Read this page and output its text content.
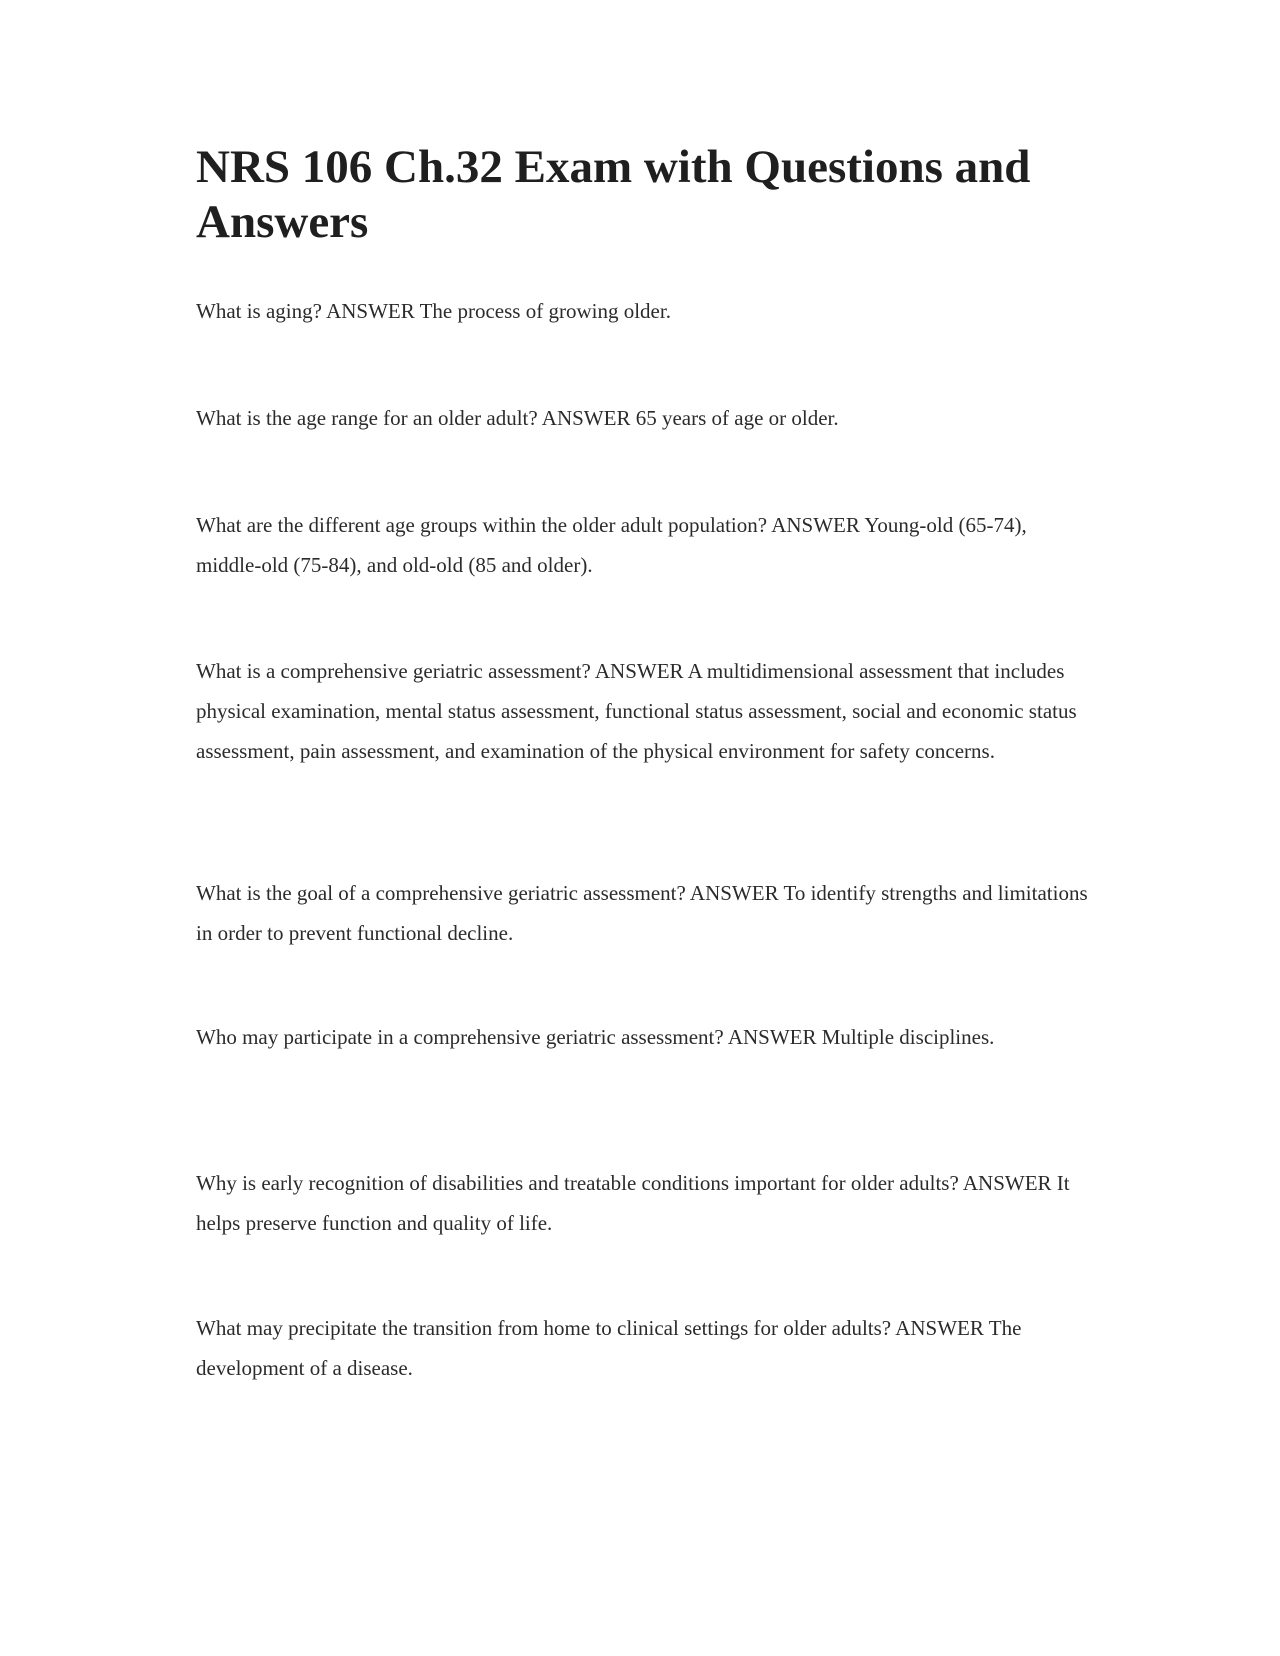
NRS 106 Ch.32 Exam with Questions and Answers

What is aging? ANSWER The process of growing older.

What is the age range for an older adult? ANSWER 65 years of age or older.

What are the different age groups within the older adult population? ANSWER Young-old (65-74), middle-old (75-84), and old-old (85 and older).

What is a comprehensive geriatric assessment? ANSWER A multidimensional assessment that includes physical examination, mental status assessment, functional status assessment, social and economic status assessment, pain assessment, and examination of the physical environment for safety concerns.

What is the goal of a comprehensive geriatric assessment? ANSWER To identify strengths and limitations in order to prevent functional decline.

Who may participate in a comprehensive geriatric assessment? ANSWER Multiple disciplines.

Why is early recognition of disabilities and treatable conditions important for older adults? ANSWER It helps preserve function and quality of life.

What may precipitate the transition from home to clinical settings for older adults? ANSWER The development of a disease.
